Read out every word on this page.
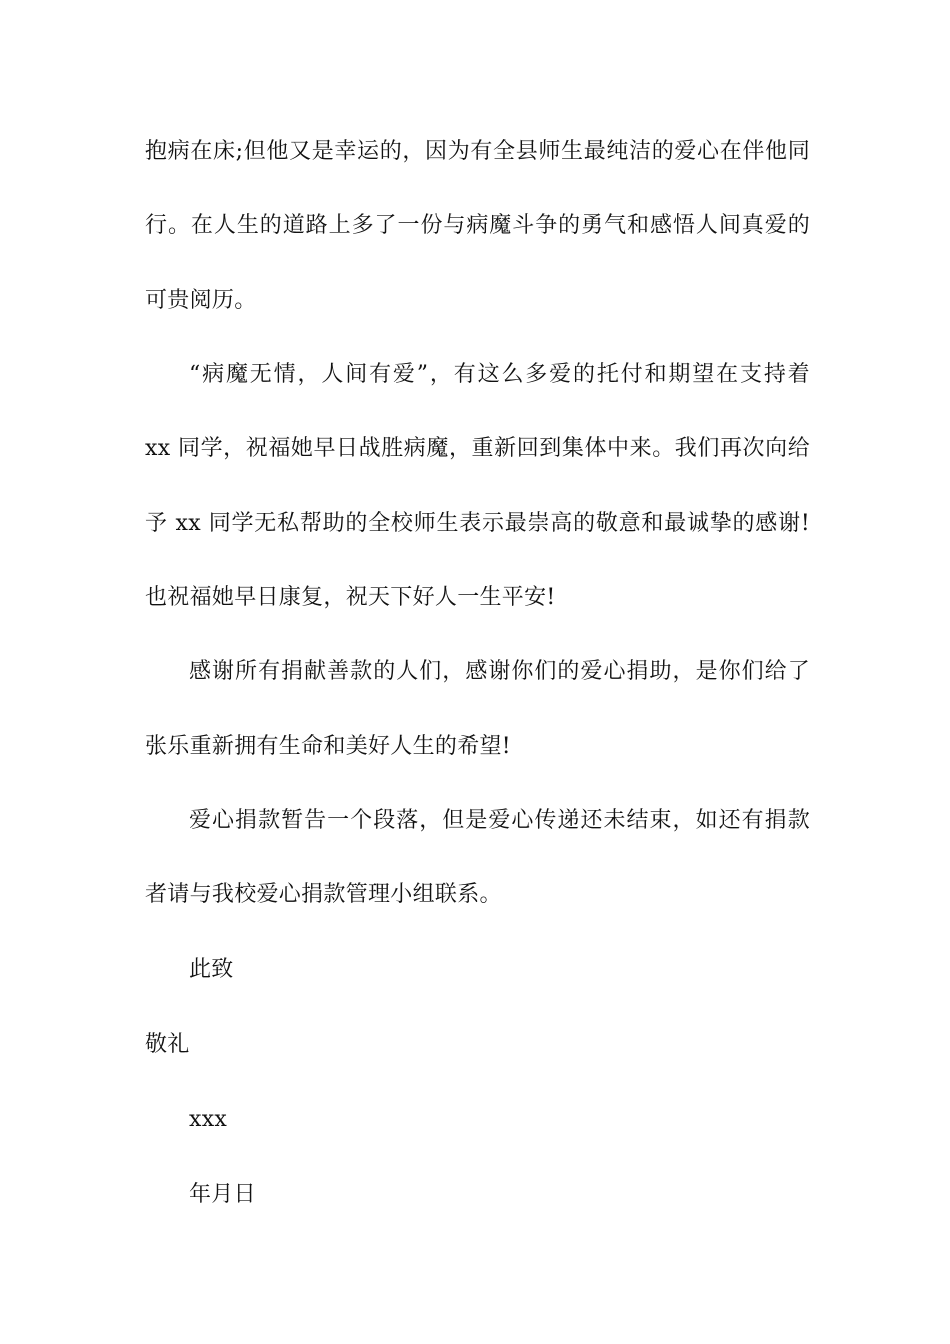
抱病在床;但他又是幸运的，因为有全县师生最纯洁的爱心在伴他同
行。在人生的道路上多了一份与病魔斗争的勇气和感悟人间真爱的
可贵阅历。
“病魔无情，人间有爱”，有这么多爱的托付和期望在支持着
xx 同学，祝福她早日战胜病魔，重新回到集体中来。我们再次向给
予 xx 同学无私帮助的全校师生表示最崇高的敬意和最诚挚的感谢!
也祝福她早日康复，祝天下好人一生平安!
感谢所有捐献善款的人们，感谢你们的爱心捐助，是你们给了
张乐重新拥有生命和美好人生的希望!
爱心捐款暂告一个段落，但是爱心传递还未结束，如还有捐款
者请与我校爱心捐款管理小组联系。
此致
敬礼
xxx
年月日
